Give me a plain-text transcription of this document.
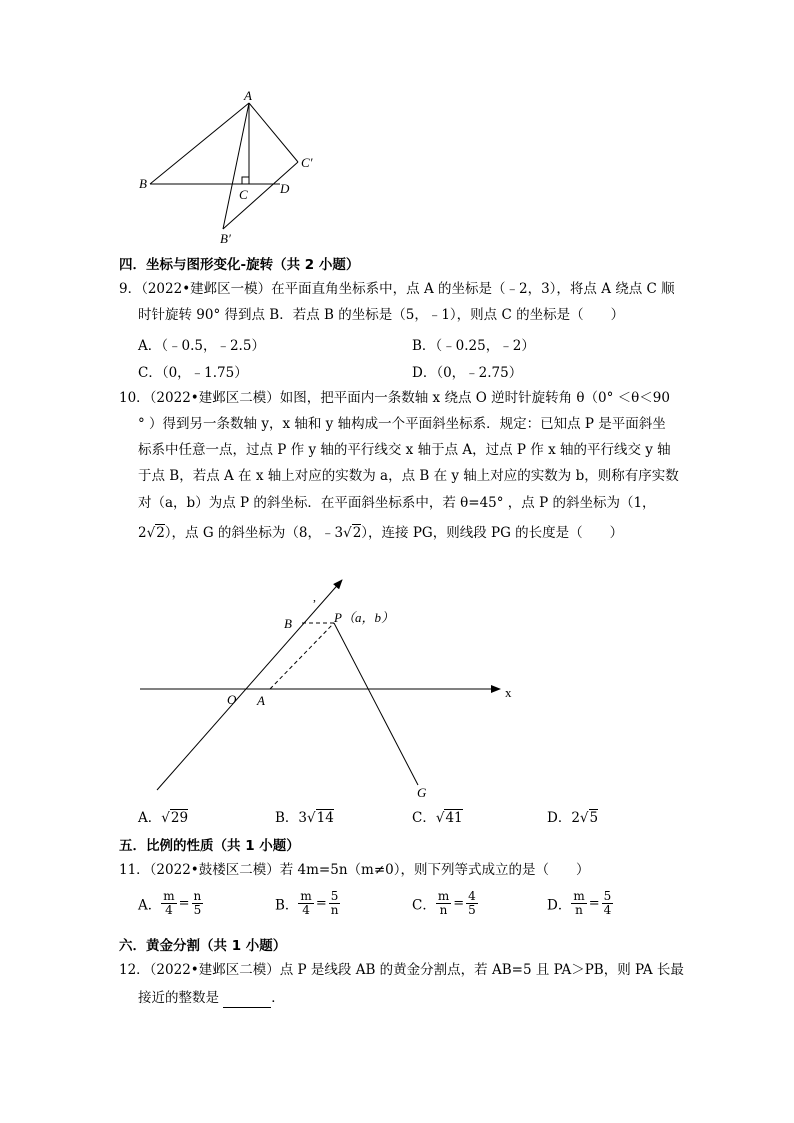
A
B
C D
C′
B′
四．坐标与图形变化-旋转（共 2 小题）
9．（2022•建邺区一模）在平面直角坐标系中，点 A 的坐标是（﹣2，3），将点 A 绕点 C 顺
时针旋转 90° 得到点 B．若点 B 的坐标是（5，﹣1），则点 C 的坐标是（　　）
A．（﹣0.5，﹣2.5）	B．（﹣0.25，﹣2）
C．（0，﹣1.75）	D．（0，﹣2.75）
10．（2022•建邺区二模）如图，把平面内一条数轴 x 绕点 O 逆时针旋转角 θ（0° ＜θ＜90
° ）得到另一条数轴 y，x 轴和 y 轴构成一个平面斜坐标系．规定：已知点 P 是平面斜坐
标系中任意一点，过点 P 作 y 轴的平行线交 x 轴于点 A，过点 P 作 x 轴的平行线交 y 轴
于点 B，若点 A 在 x 轴上对应的实数为 a，点 B 在 y 轴上对应的实数为 b，则称有序实数
对（a，b）为点 P 的斜坐标．在平面斜坐标系中，若 θ=45° ，点 P 的斜坐标为（1，
2√2），点 G 的斜坐标为（8，﹣3√2），连接 PG，则线段 PG 的长度是（　　）
,
B	P（a，b）
O A
x
G
A．√29	B．3√14	C．√41	D．2√5
五．比例的性质（共 1 小题）
11．（2022•鼓楼区二模）若 4m=5n（m≠0），则下列等式成立的是（　　）
A． $\frac{m}{4} = \frac{n}{5}$	B． $\frac{m}{4} = \frac{5}{n}$	C． $\frac{m}{n} = \frac{4}{5}$	D． $\frac{m}{n} = \frac{5}{4}$
六．黄金分割（共 1 小题）
12．（2022•建邺区二模）点 P 是线段 AB 的黄金分割点，若 AB=5 且 PA＞PB，则 PA 长最
接近的整数是	．
